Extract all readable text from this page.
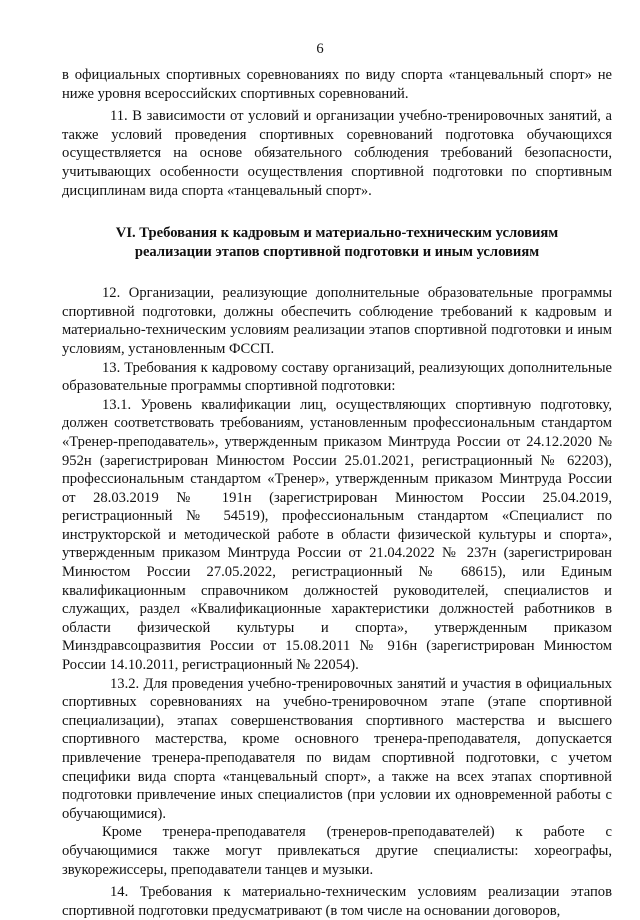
6

в официальных спортивных соревнованиях по виду спорта «танцевальный спорт» не ниже уровня всероссийских спортивных соревнований.

11. В зависимости от условий и организации учебно-тренировочных занятий, а также условий проведения спортивных соревнований подготовка обучающихся осуществляется на основе обязательного соблюдения требований безопасности, учитывающих особенности осуществления спортивной подготовки по спортивным дисциплинам вида спорта «танцевальный спорт».

VI. Требования к кадровым и материально-техническим условиям
реализации этапов спортивной подготовки и иным условиям

12. Организации, реализующие дополнительные образовательные программы спортивной подготовки, должны обеспечить соблюдение требований к кадровым и материально-техническим условиям реализации этапов спортивной подготовки и иным условиям, установленным ФССП.

13. Требования к кадровому составу организаций, реализующих дополнительные образовательные программы спортивной подготовки:

13.1. Уровень квалификации лиц, осуществляющих спортивную подготовку, должен соответствовать требованиям, установленным профессиональным стандартом «Тренер-преподаватель», утвержденным приказом Минтруда России от 24.12.2020 № 952н (зарегистрирован Минюстом России 25.01.2021, регистрационный № 62203), профессиональным стандартом «Тренер», утвержденным приказом Минтруда России от 28.03.2019 № 191н (зарегистрирован Минюстом России 25.04.2019, регистрационный № 54519), профессиональным стандартом «Специалист по инструкторской и методической работе в области физической культуры и спорта», утвержденным приказом Минтруда России от 21.04.2022 № 237н (зарегистрирован Минюстом России 27.05.2022, регистрационный № 68615), или Единым квалификационным справочником должностей руководителей, специалистов и служащих, раздел «Квалификационные характеристики должностей работников в области физической культуры и спорта», утвержденным приказом Минздравсоцразвития России от 15.08.2011 № 916н (зарегистрирован Минюстом России 14.10.2011, регистрационный № 22054).

13.2. Для проведения учебно-тренировочных занятий и участия в официальных спортивных соревнованиях на учебно-тренировочном этапе (этапе спортивной специализации), этапах совершенствования спортивного мастерства и высшего спортивного мастерства, кроме основного тренера-преподавателя, допускается привлечение тренера-преподавателя по видам спортивной подготовки, с учетом специфики вида спорта «танцевальный спорт», а также на всех этапах спортивной подготовки привлечение иных специалистов (при условии их одновременной работы с обучающимися).

Кроме тренера-преподавателя (тренеров-преподавателей) к работе с обучающимися также могут привлекаться другие специалисты: хореографы, звукорежиссеры, преподаватели танцев и музыки.

14. Требования к материально-техническим условиям реализации этапов спортивной подготовки предусматривают (в том числе на основании договоров,
